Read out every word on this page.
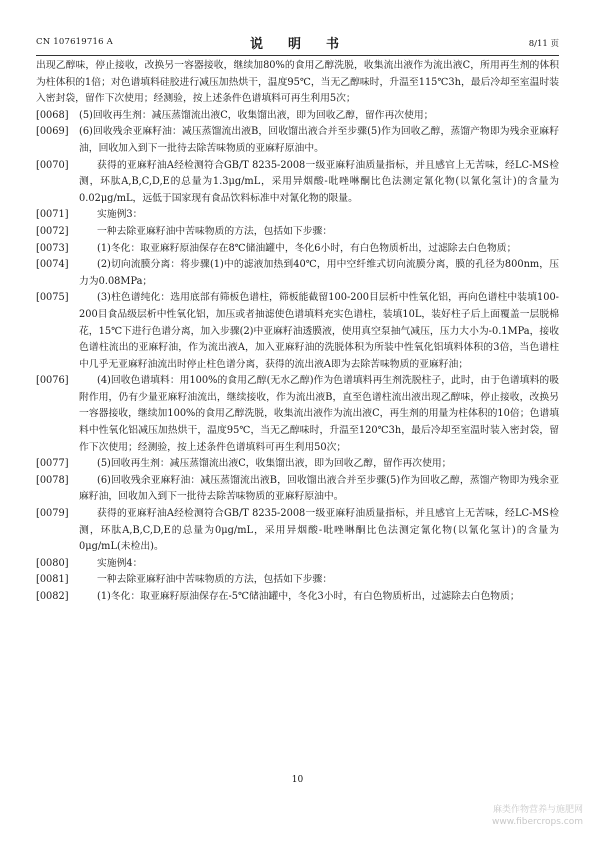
CN 107619716 A	说　明　书	8/11 页
出现乙醇味，停止接收，改换另一容器接收，继续加80%的食用乙醇洗脱，收集流出液作为流出液C，所用再生剂的体积为柱体积的1倍；对色谱填料硅胶进行减压加热烘干，温度95℃，当无乙醇味时，升温至115℃3h，最后冷却至室温时装入密封袋，留作下次使用；经测验，按上述条件色谱填料可再生利用5次；
[0068]	(5)回收再生剂：减压蒸馏流出液C，收集馏出液，即为回收乙醇，留作再次使用；
[0069]	(6)回收残余亚麻籽油：减压蒸馏流出液B，回收馏出液合并至步骤(5)作为回收乙醇，蒸馏产物即为残余亚麻籽油，回收加入到下一批待去除苦味物质的亚麻籽原油中。
[0070]	获得的亚麻籽油A经检测符合GB/T 8235-2008一级亚麻籽油质量指标，并且感官上无苦味，经LC-MS检测，环肽A,B,C,D,E的总量为1.3μg/mL，采用异烟酸-吡唑啉酮比色法测定氰化物(以氰化氢计)的含量为0.02μg/mL，远低于国家现有食品饮料标准中对氰化物的限量。
[0071]	实施例3：
[0072]	一种去除亚麻籽油中苦味物质的方法，包括如下步骤：
[0073]	(1)冬化：取亚麻籽原油保存在8℃储油罐中，冬化6小时，有白色物质析出，过滤除去白色物质；
[0074]	(2)切向流膜分离：将步骤(1)中的滤液加热到40℃，用中空纤维式切向流膜分离，膜的孔径为800nm，压力为0.08MPa；
[0075]	(3)柱色谱纯化：选用底部有筛板色谱柱，筛板能截留100-200目层析中性氧化铝，再向色谱柱中装填100-200目食品级层析中性氧化铝，加压或者抽滤使色谱填料充实色谱柱，装填10L，装好柱子后上面覆盖一层脱棉花，15℃下进行色谱分离，加入步骤(2)中亚麻籽油透膜液，使用真空泵抽气减压，压力大小为-0.1MPa，接收色谱柱流出的亚麻籽油，作为流出液A，加入亚麻籽油的洗脱体积为所装中性氧化铝填料体积的3倍，当色谱柱中几乎无亚麻籽油流出时停止柱色谱分离，获得的流出液A即为去除苦味物质的亚麻籽油；
[0076]	(4)回收色谱填料：用100%的食用乙醇(无水乙醇)作为色谱填料再生剂洗脱柱子，此时，由于色谱填料的吸附作用，仍有少量亚麻籽油流出，继续接收，作为流出液B，直至色谱柱流出液出现乙醇味，停止接收，改换另一容器接收，继续加100%的食用乙醇洗脱，收集流出液作为流出液C，再生剂的用量为柱体积的10倍；色谱填料中性氧化铝减压加热烘干，温度95℃，当无乙醇味时，升温至120℃3h，最后冷却至室温时装入密封袋，留作下次使用；经测验，按上述条件色谱填料可再生利用50次；
[0077]	(5)回收再生剂：减压蒸馏流出液C，收集馏出液，即为回收乙醇，留作再次使用；
[0078]	(6)回收残余亚麻籽油：减压蒸馏流出液B，回收馏出液合并至步骤(5)作为回收乙醇，蒸馏产物即为残余亚麻籽油，回收加入到下一批待去除苦味物质的亚麻籽原油中。
[0079]	获得的亚麻籽油A经检测符合GB/T 8235-2008一级亚麻籽油质量指标，并且感官上无苦味，经LC-MS检测，环肽A,B,C,D,E的总量为0μg/mL，采用异烟酸-吡唑啉酮比色法测定氰化物(以氰化氢计)的含量为0μg/mL(未检出)。
[0080]	实施例4：
[0081]	一种去除亚麻籽油中苦味物质的方法，包括如下步骤：
[0082]	(1)冬化：取亚麻籽原油保存在-5℃储油罐中，冬化3小时，有白色物质析出，过滤除去白色物质；
10
麻类作物营养与施肥网
www.fibercrops.com
